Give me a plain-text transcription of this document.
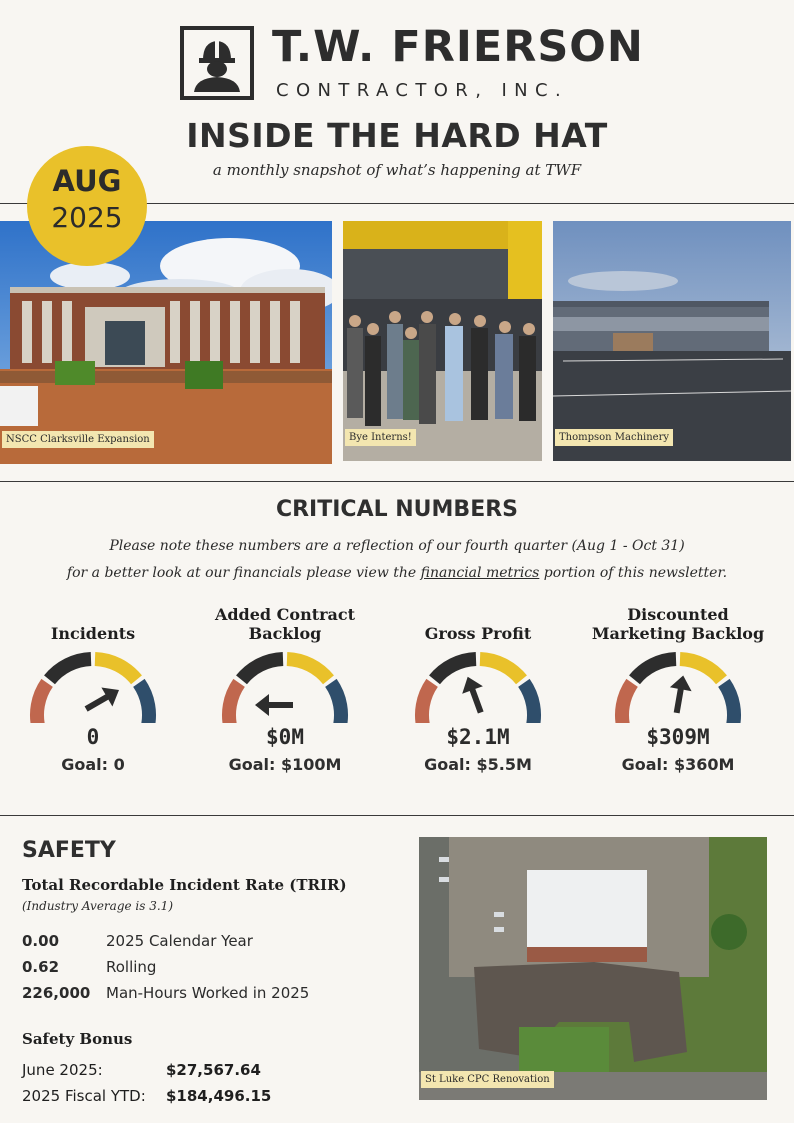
T.W. FRIERSON
CONTRACTOR, INC.
INSIDE THE HARD HAT
a monthly snapshot of what’s happening at TWF
AUG
2025
NSCC Clarksville Expansion	Bye Interns!	Thompson Machinery
CRITICAL NUMBERS
Please note these numbers are a reflection of our fourth quarter (Aug 1 - Oct 31)
for a better look at our financials please view the financial metrics portion of this newsletter.
Incidents
0
Goal: 0
Added Contract Backlog
$0M
Goal: $100M
Gross Profit
$2.1M
Goal: $5.5M
Discounted Marketing Backlog
$309M
Goal: $360M
SAFETY
Total Recordable Incident Rate (TRIR)
(Industry Average is 3.1)
0.00	2025 Calendar Year
0.62	Rolling
226,000 Man-Hours Worked in 2025
Safety Bonus
June 2025:	$27,567.64
2025 Fiscal YTD: $184,496.15
St Luke CPC Renovation
